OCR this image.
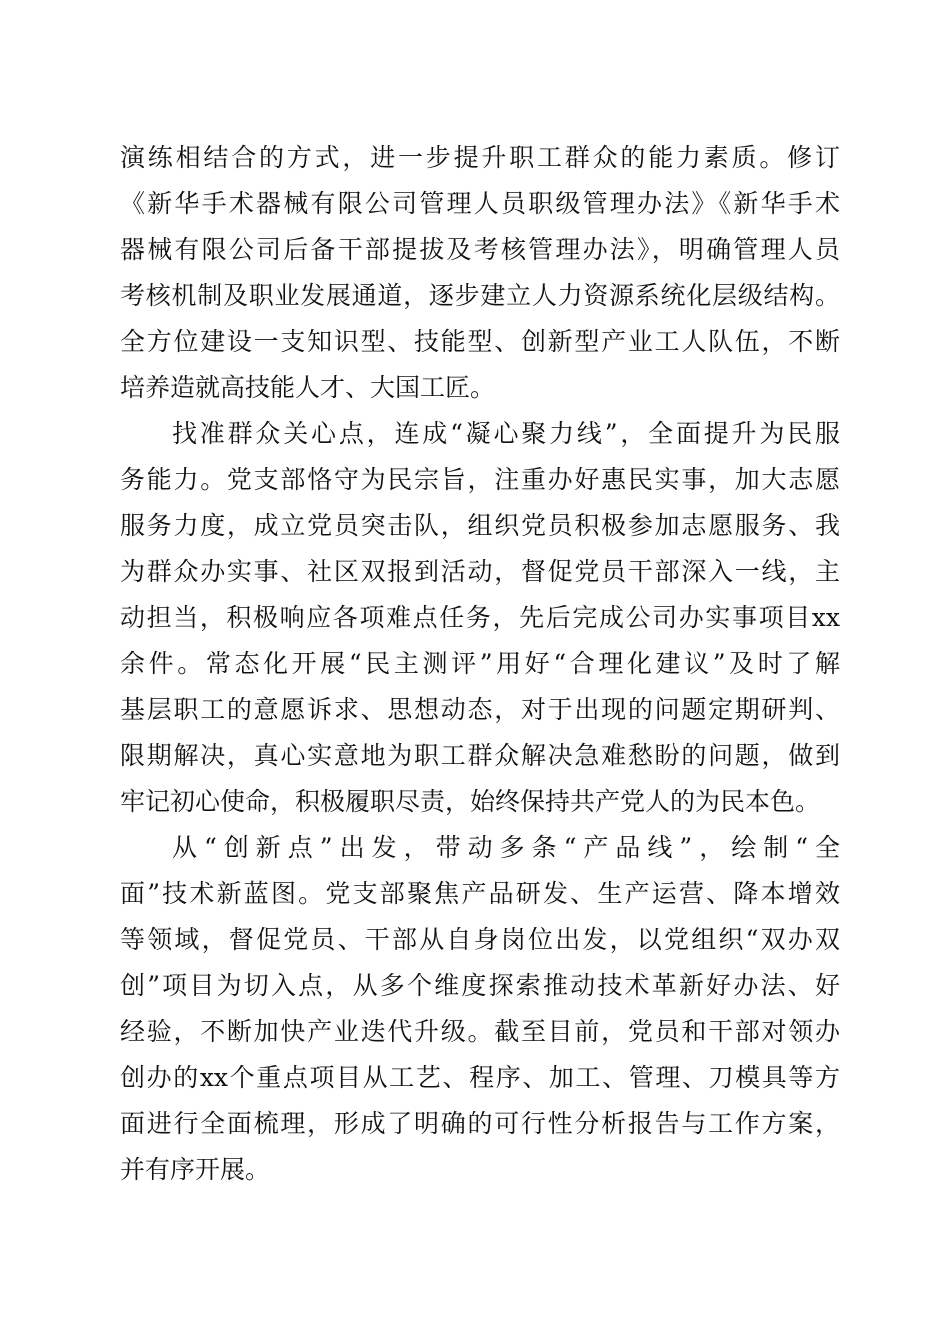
演练相结合的方式，进一步提升职工群众的能力素质。修订
《新华手术器械有限公司管理人员职级管理办法》《新华手术
器械有限公司后备干部提拔及考核管理办法》，明确管理人员
考核机制及职业发展通道，逐步建立人力资源系统化层级结构。
全方位建设一支知识型、技能型、创新型产业工人队伍，不断
培养造就高技能人才、大国工匠。
找准群众关心点，连成“凝心聚力线”，全面提升为民服
务能力。党支部恪守为民宗旨，注重办好惠民实事，加大志愿
服务力度，成立党员突击队，组织党员积极参加志愿服务、我
为群众办实事、社区双报到活动，督促党员干部深入一线，主
动担当，积极响应各项难点任务，先后完成公司办实事项目xx
余件。常态化开展“民主测评”用好“合理化建议”及时了解
基层职工的意愿诉求、思想动态，对于出现的问题定期研判、
限期解决，真心实意地为职工群众解决急难愁盼的问题，做到
牢记初心使命，积极履职尽责，始终保持共产党人的为民本色。
从“创新点”出发，带动多条“产品线”，绘制“全
面”技术新蓝图。党支部聚焦产品研发、生产运营、降本增效
等领域，督促党员、干部从自身岗位出发，以党组织“双办双
创”项目为切入点，从多个维度探索推动技术革新好办法、好
经验，不断加快产业迭代升级。截至目前，党员和干部对领办
创办的xx个重点项目从工艺、程序、加工、管理、刀模具等方
面进行全面梳理，形成了明确的可行性分析报告与工作方案，
并有序开展。
